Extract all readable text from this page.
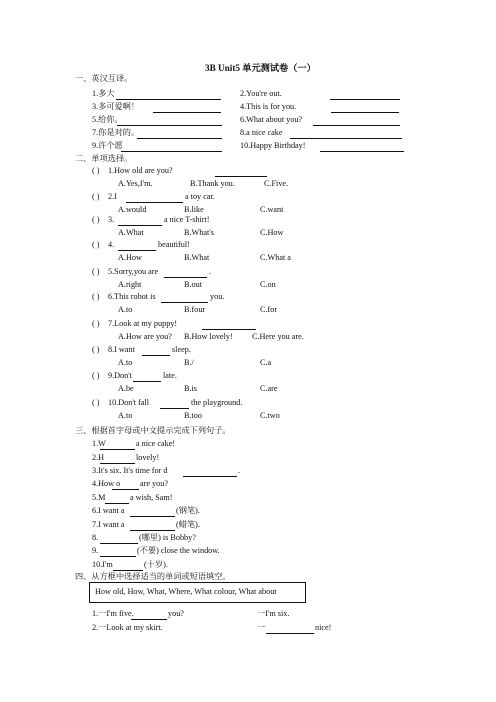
3B Unit5 单元测试卷（一）
一、英汉互译。
1.多大	2.You're out.
3.多可爱啊！	4.This is for you.
5.给你。	6.What about you?
7.你是对的。	8.a nice cake
9.许个愿	10.Happy Birthday!
二、单项选择。
( ) 1.How old are you?
A.Yes,I'm.	B.Thank you.	C.Five.
( ) 2.I	a toy car.
A.would	B.like	C.want
( ) 3.	a nice T-shirt!
A.What	B.What's	C.How
( ) 4.	beautiful!
A.How	B.What	C.What a
( ) 5.Sorry,you are	.
A.right	B.out	C.on
( ) 6.This robot is	you.
A.to	B.four	C.for
( ) 7.Look at my puppy!
A.How are you? B.How lovely! C.Here you are.
( ) 8.I want	sleep.
A.to	B./	C.a
( ) 9.Don't	late.
A.be	B.is	C.are
( ) 10.Don't fall	the playground.
A.to	B.too	C.two
三、根据首字母或中文提示完成下列句子。
1.W	a nice cake!
2.H	lovely!
3.It's six. It's time for d	.
4.How o are you?
5.M	a wish, Sam!
6.I want a	(钢笔).
7.I want a	(蜡笔).
8.	(哪里) is Bobby?
9.	(不要) close the window.
10.I'm	(十岁).
四、从方框中选择适当的单词或短语填空。
How old, How, What, Where, What colour, What about
1.一I'm five.	you?	一I'm six.
2.一Look at my skirt.	一	nice!
